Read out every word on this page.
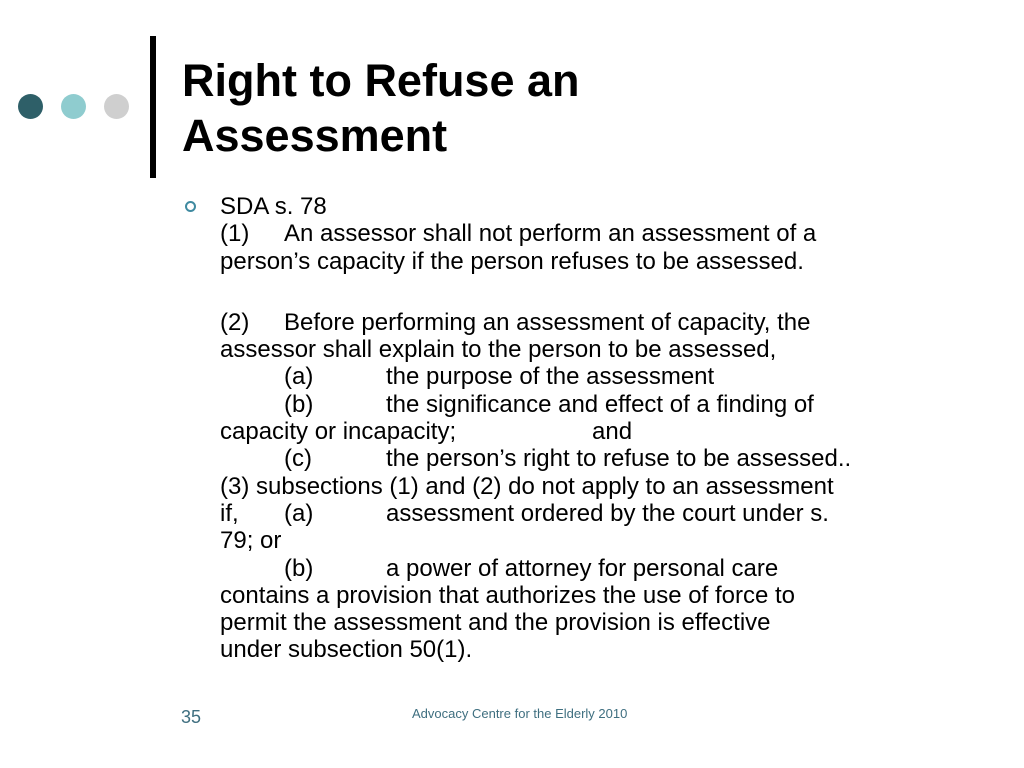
Right to Refuse an
Assessment
SDA s. 78
(1) An assessor shall not perform an assessment of a
person’s capacity if the person refuses to be assessed.
(2) Before performing an assessment of capacity, the
assessor shall explain to the person to be assessed,
(a)	the purpose of the assessment
(b)	the significance and effect of a finding of
capacity or incapacity;	and
(c)	the person’s right to refuse to be assessed..
(3) subsections (1) and (2) do not apply to an assessment
if, (a)	assessment ordered by the court under s.
79; or
(b)	a power of attorney for personal care
contains a provision that authorizes the use of force to
permit the assessment and the provision is effective
under subsection 50(1).
Advocacy Centre for the Elderly 2010
35
